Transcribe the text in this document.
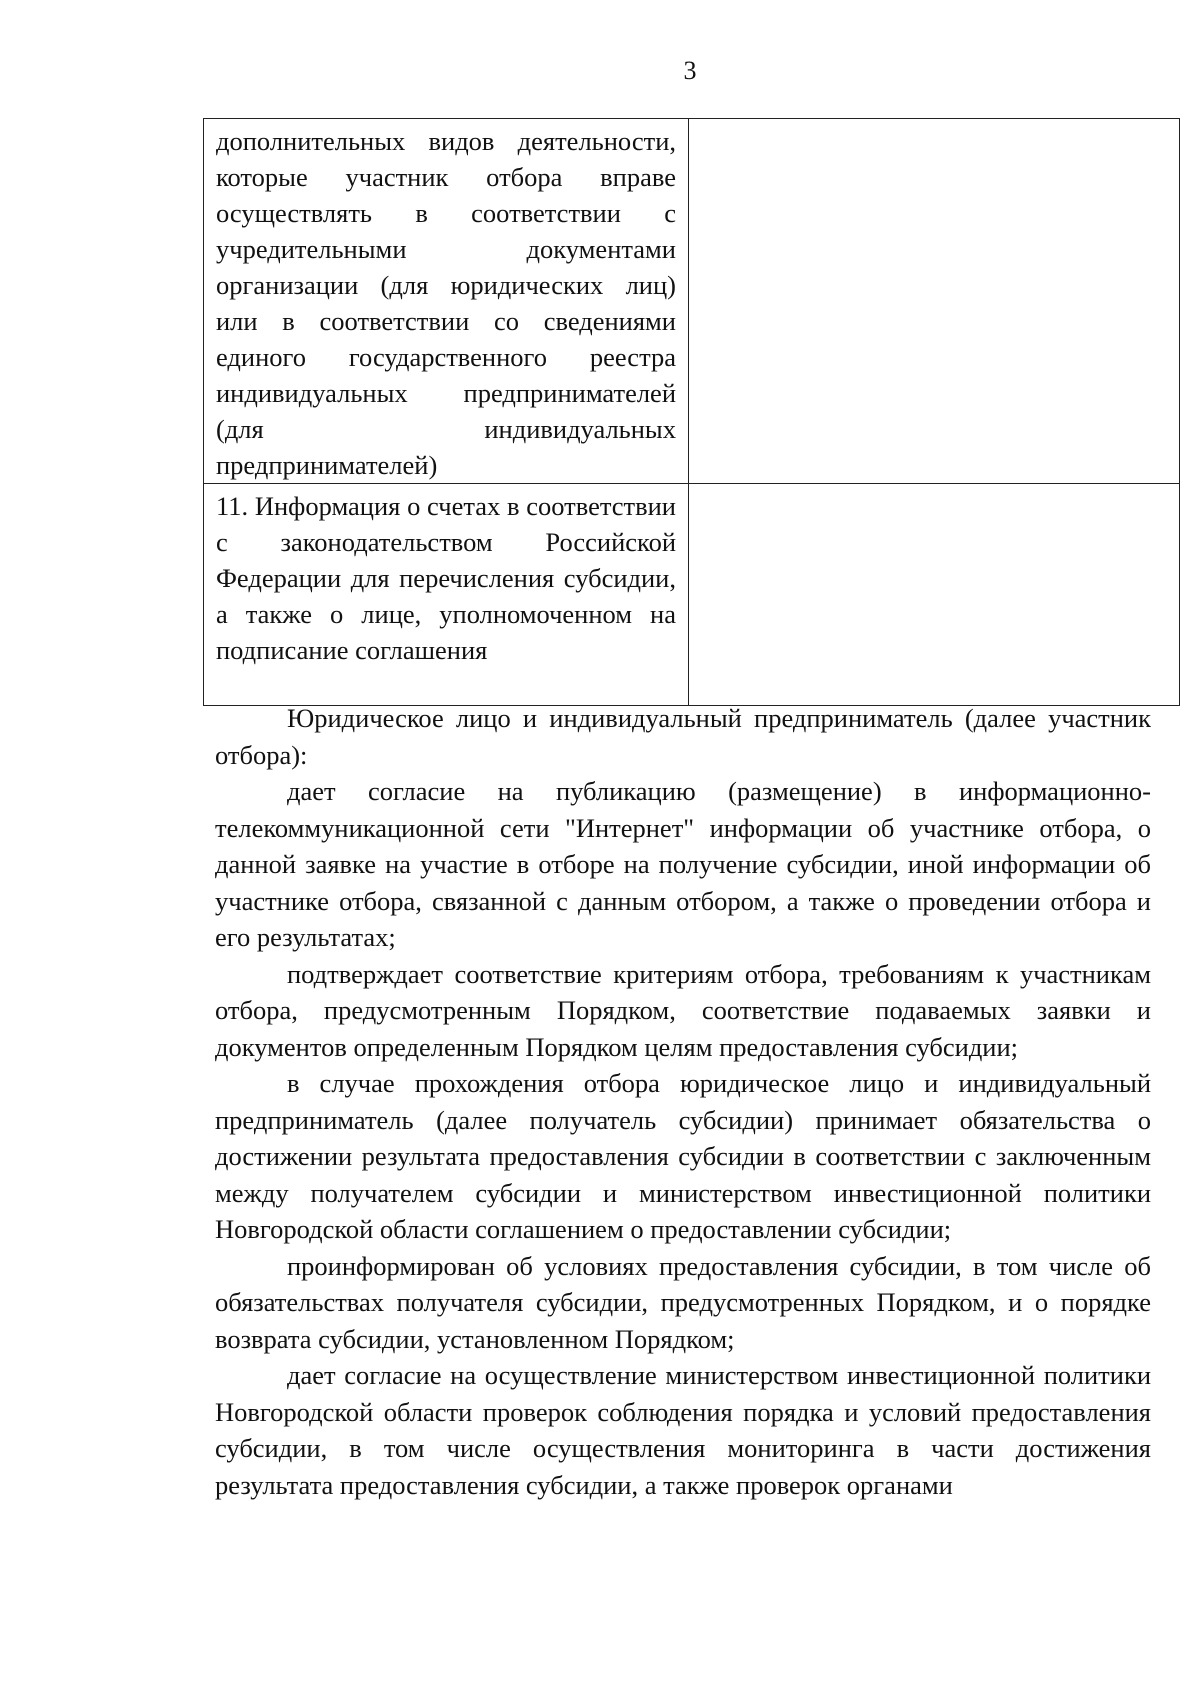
3
дополнительных видов деятельности, которые участник отбора вправе осуществлять в соответствии с учредительными документами организации (для юридических лиц) или в соответствии со сведениями единого государственного реестра индивидуальных предпринимателей (для индивидуальных предпринимателей)	
11. Информация о счетах в соответствии с законодательством Российской Федерации для перечисления субсидии, а также о лице, уполномоченном на подписание соглашения	

Юридическое лицо и индивидуальный предприниматель (далее участник отбора):

дает согласие на публикацию (размещение) в информационно-телекоммуникационной сети "Интернет" информации об участнике отбора, о данной заявке на участие в отборе на получение субсидии, иной информации об участнике отбора, связанной с данным отбором, а также о проведении отбора и его результатах;

подтверждает соответствие критериям отбора, требованиям к участникам отбора, предусмотренным Порядком, соответствие подаваемых заявки и документов определенным Порядком целям предоставления субсидии;

в случае прохождения отбора юридическое лицо и индивидуальный предприниматель (далее получатель субсидии) принимает обязательства о достижении результата предоставления субсидии в соответствии с заключенным между получателем субсидии и министерством инвестиционной политики Новгородской области соглашением о предоставлении субсидии;

проинформирован об условиях предоставления субсидии, в том числе об обязательствах получателя субсидии, предусмотренных Порядком, и о порядке возврата субсидии, установленном Порядком;

дает согласие на осуществление министерством инвестиционной политики Новгородской области проверок соблюдения порядка и условий предоставления субсидии, в том числе осуществления мониторинга в части достижения результата предоставления субсидии, а также проверок органами
